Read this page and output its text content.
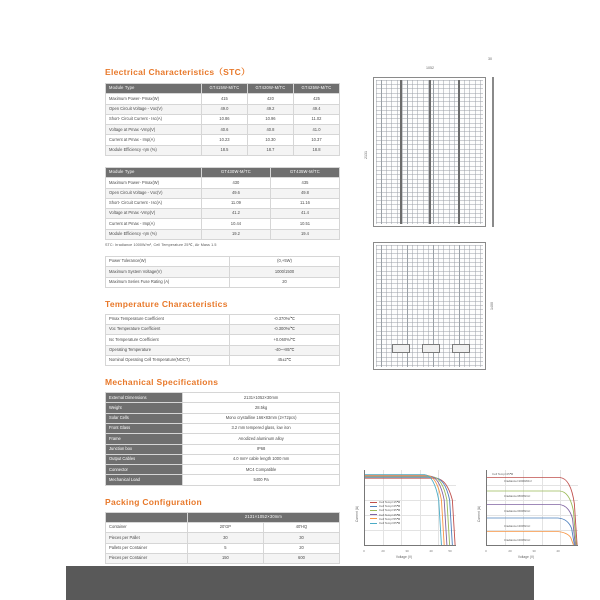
Electrical Characteristics（STC）
Module Type	GT415W-M/TC	GT420W-M/TC	GT425W-M/TC
Maximum Power- Pmax(W)	415	420	425
Open Circuit Voltage - Voc(V)	49.0	49.2	49.4
Short- Circuit Current - Isc(A)	10.86	10.96	11.02
Voltage at Pmax -Vmp(V)	40.6	40.8	41.0
Current at Pmax - Imp(A)	10.23	10.30	10.37
Module Efficiency -ηm (%)	18.5	18.7	18.8
Module Type	GT430W-M/TC	GT435W-M/TC
Maximum Power- Pmax(W)	430	435
Open Circuit Voltage - Voc(V)	49.6	49.8
Short- Circuit Current - Isc(A)	11.09	11.16
Voltage at Pmax -Vmp(V)	41.2	41.4
Current at Pmax - Imp(A)	10.44	10.51
Module Efficiency -ηm (%)	19.2	19.4
STC: Irradiance 1000W/m², Cell Temperature 25℃, Air Mass 1.5
Power Tolerance(W)	(0,+5W)
Maximum System Voltage(V)	1000/1500
Maximum Series Fuse Rating (A)	20
Temperature Characteristics
Pmax Temperature Coefficient	-0.370%/℃
Voc Temperature Coefficient	-0.300%/℃
Isc Temperature Coefficient	+0.060%/℃
Operating Temperature	-40~+85℃
Nominal Operating Cell Temperature(NOCT)	45±2℃
Mechanical Specifications
External Dimensions	2131×1052×30mm
Weight	28.5kg
Solar Cells	Mono crystalline 166×83mm (2×72pcs)
Front Glass	3.2 mm tempered glass, low iron
Frame	Anodized aluminum alloy
Junction box	IP68
Output Cables	4.0 mm² cable length 1000 mm
Connector	MC4 Compatible
Mechanical Load	5400 Pa
Packing Configuration
	2131×1052×30mm	
Container	20'GP	40'HQ
Pieces per Pallet	30	30
Pallets per Container	5	20
Pieces per Container	150	600
1052
30
2131
1400
Current (A)
Cell Temp=15℃
Cell Temp=25℃
Cell Temp=35℃
Cell Temp=45℃
Cell Temp=55℃
Cell Temp=65℃
0	20	30	40	50
Voltage (V)
Current (A)
Cell Temp=25℃
Irradiance=1000W/m²
Irradiance=800W/m²
Irradiance=600W/m²
Irradiance=400W/m²
Irradiance=200W/m²
0	20	30	40
Voltage (V)
